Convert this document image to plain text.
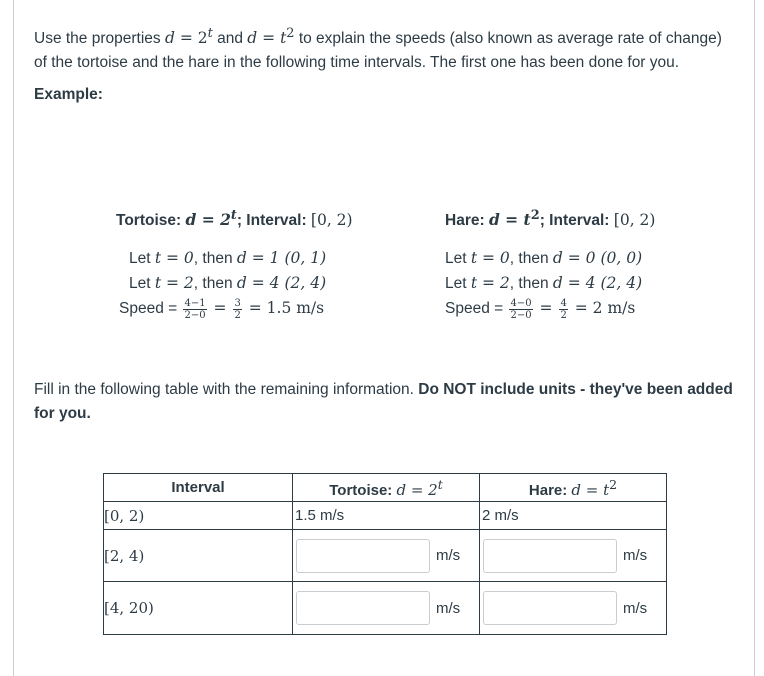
Use the properties $d = 2^t$ and $d = t^2$ to explain the speeds (also known as average rate of change) of the tortoise and the hare in the following time intervals. The first one has been done for you.
Example:
Tortoise: $d = 2^t$; Interval: [0, 2)
Let t = 0, then d = 1 (0, 1)
Let t = 2, then d = 4 (2, 4)
Speed = $\frac{4-1}{2-0} = \frac{3}{2} = 1.5$ m/s
Hare: $d = t^2$; Interval: [0, 2)
Let t = 0, then d = 0 (0, 0)
Let t = 2, then d = 4 (2, 4)
Speed = $\frac{4-0}{2-0} = \frac{4}{2} = 2$ m/s
Fill in the following table with the remaining information. Do NOT include units - they've been added for you.
Interval	Tortoise: $d = 2^t$	Hare: $d = t^2$
[0, 2)	1.5 m/s	2 m/s
[2, 4)	m/s	m/s

[4, 20)	m/s	m/s
